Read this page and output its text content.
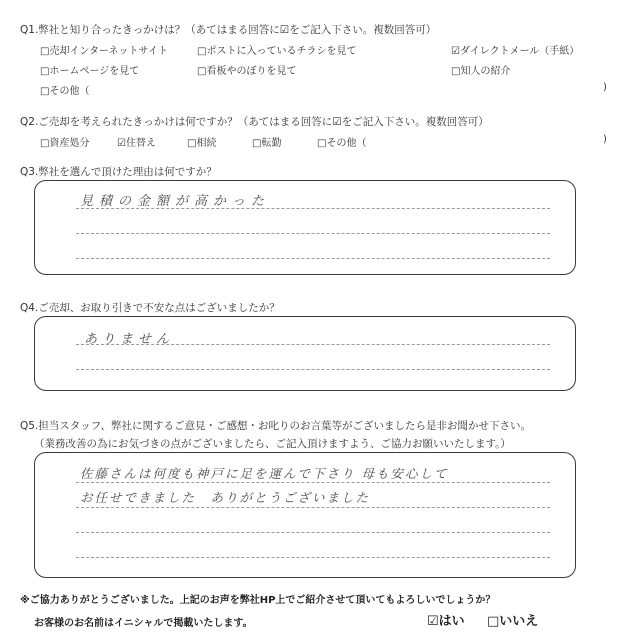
Q1.弊社と知り合ったきっかけは？（あてはまる回答に☑をご記入下さい。複数回答可）
□売却インターネットサイト	□ポストに入っているチラシを見て	☑ダイレクトメール（手紙）
□ホームページを見て	□看板やのぼりを見て	□知人の紹介
□その他（	)
Q2.ご売却を考えられたきっかけは何ですか？（あてはまる回答に☑をご記入下さい。複数回答可）
□資産処分	☑住替え	□相続	□転勤	□その他（	)
Q3.弊社を選んで頂けた理由は何ですか？
見積の金額が高かった
Q4.ご売却、お取り引きで不安な点はございましたか？
ありません
Q5.担当スタッフ、弊社に関するご意見・ご感想・お叱りのお言葉等がございましたら是非お聞かせ下さい。
（業務改善の為にお気づきの点がございましたら、ご記入頂けますよう、ご協力お願いいたします。）
佐藤さんは何度も神戸に足を運んで下さり 母も安心して
お任せできました　ありがとうございました
※ご協力ありがとうございました。上記のお声を弊社HP上でご紹介させて頂いてもよろしいでしょうか？
お客様のお名前はイニシャルで掲載いたします。	☑はい □いいえ
